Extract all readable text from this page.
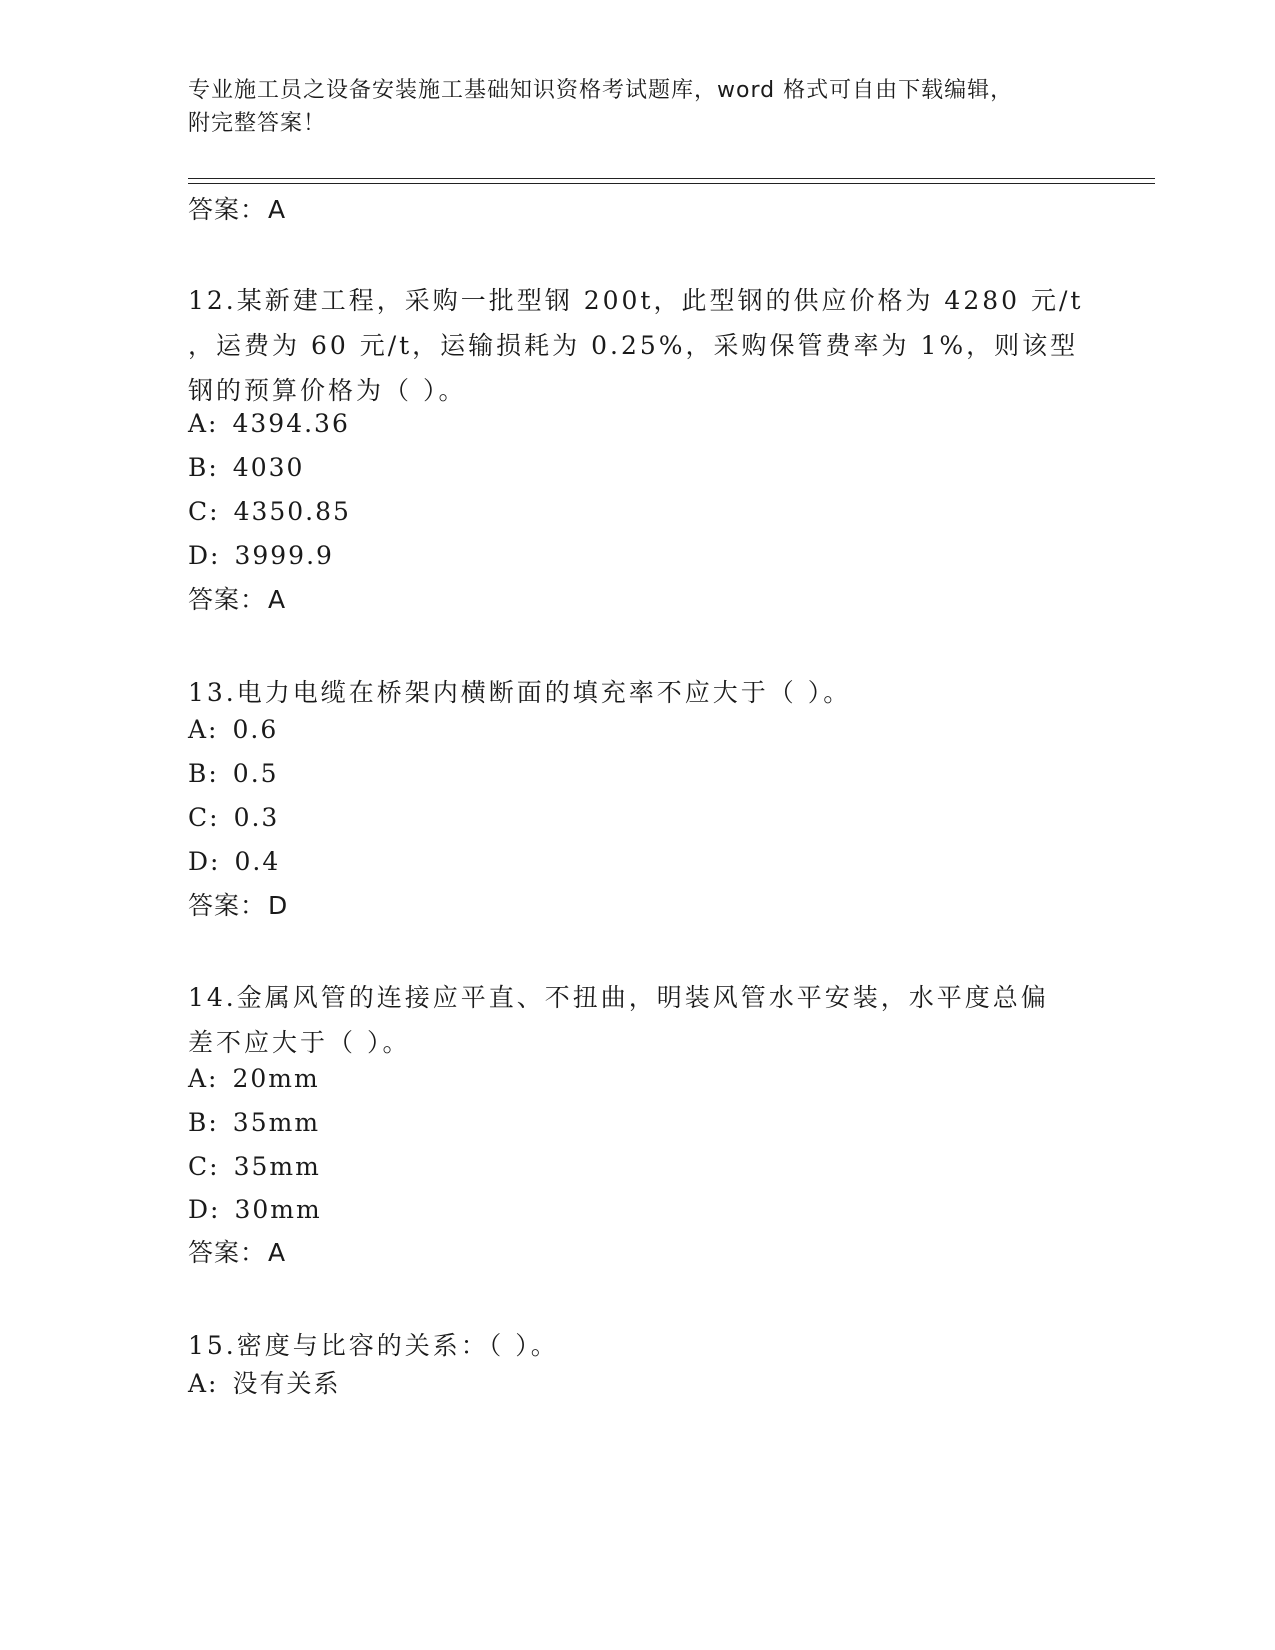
专业施工员之设备安装施工基础知识资格考试题库，word 格式可自由下载编辑，
附完整答案！
答案：A
12.某新建工程，采购一批型钢 200t，此型钢的供应价格为 4280 元/t
，运费为 60 元/t，运输损耗为 0.25%，采购保管费率为 1%，则该型
钢的预算价格为（ ）。
A: 4394.36
B: 4030
C: 4350.85
D: 3999.9
答案：A
13.电力电缆在桥架内横断面的填充率不应大于（ ）。
A: 0.6
B: 0.5
C: 0.3
D: 0.4
答案：D
14.金属风管的连接应平直、不扭曲，明装风管水平安装，水平度总偏
差不应大于（ ）。
A: 20mm
B: 35mm
C: 35mm
D: 30mm
答案：A
15.密度与比容的关系：（ ）。
A: 没有关系
